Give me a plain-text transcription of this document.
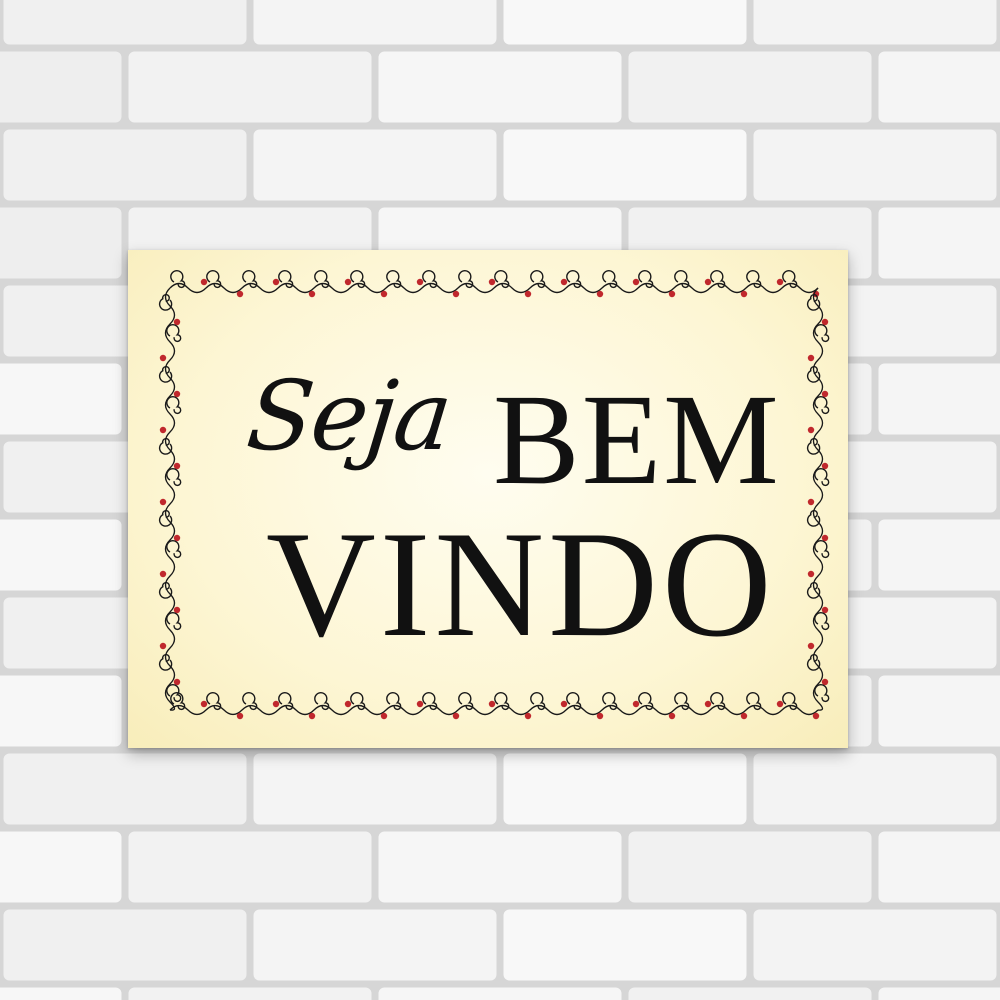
Seja BEM
VINDO
